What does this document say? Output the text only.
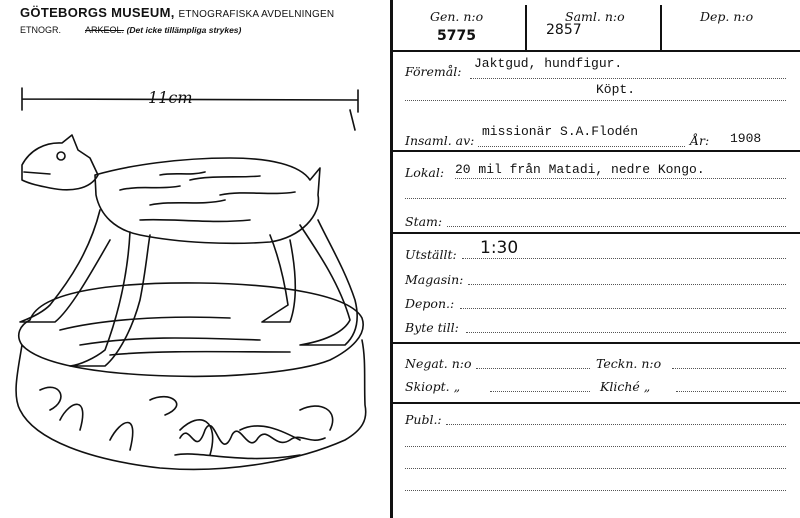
GÖTEBORGS MUSEUM, ETNOGRAFISKA AVDELNINGEN
ETNOGR.	ARKEOL. (Det icke tillämpliga strykes)
11cm
Gen. n:o
5775
Saml. n:o
2857
Dep. n:o
Föremål:
Jaktgud, hundfigur.
Köpt.
Insaml. av:
missionär S.A.Flodén
År: 1908
Lokal: 20 mil från Matadi, nedre Kongo.
Stam:
Utställt: 1:30
Magasin:
Depon.:
Byte till:
Negat. n:o	Teckn. n:o
Skiopt. „	Kliché „
Publ.:
